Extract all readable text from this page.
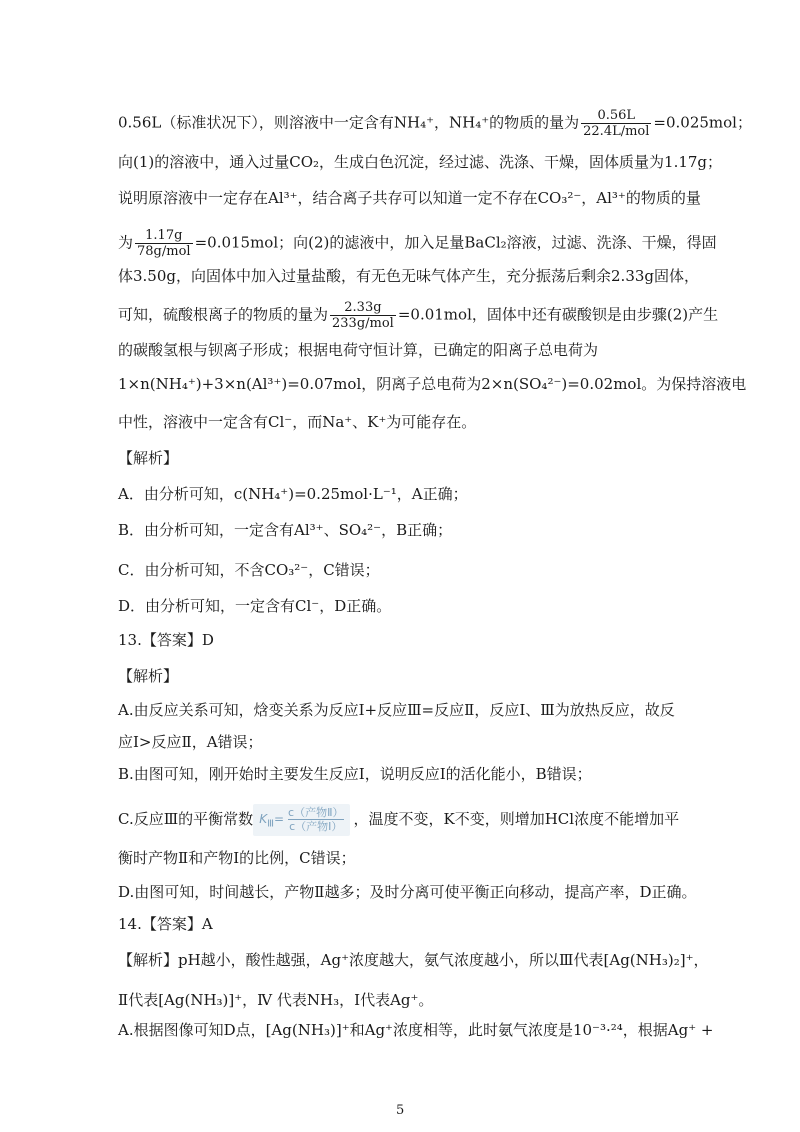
0.56L（标准状况下），则溶液中一定含有NH₄⁺，NH₄⁺的物质的量为 $\frac{0.56L}{\text{22.4L/mol}} =0.025mol$；
向(1)的溶液中，通入过量CO₂，生成白色沉淀，经过滤、洗涤、干燥，固体质量为1.17g；
说明原溶液中一定存在Al³⁺，结合离子共存可以知道一定不存在CO₃²⁻，Al³⁺的物质的量
为 $\frac{1.17g}{\text{78g/mol}} =0.015mol$；向(2)的滤液中，加入足量BaCl₂溶液，过滤、洗涤、干燥，得固
体3.50g，向固体中加入过量盐酸，有无色无味气体产生，充分振荡后剩余2.33g固体，
可知，硫酸根离子的物质的量为 $\frac{2.33g}{\text{233g/mol}} =0.01mol$，固体中还有碳酸钡是由步骤(2)产生
的碳酸氢根与钡离子形成；根据电荷守恒计算，已确定的阳离子总电荷为
1×n(NH₄⁺)+3×n(Al³⁺)=0.07mol，阴离子总电荷为2×n(SO₄²⁻)=0.02mol。为保持溶液电
中性，溶液中一定含有Cl⁻，而Na⁺、K⁺为可能存在。
【解析】
A．由分析可知，c(NH₄⁺)=0.25mol·L⁻¹，A正确；
B．由分析可知，一定含有Al³⁺、SO₄²⁻，B正确；
C．由分析可知，不含CO₃²⁻，C错误；
D．由分析可知，一定含有Cl⁻，D正确。
13.【答案】D
【解析】
A.由反应关系可知，焓变关系为反应Ⅰ+反应Ⅲ=反应Ⅱ，反应Ⅰ、Ⅲ为放热反应，故反
应Ⅰ>反应Ⅱ，A错误；
B.由图可知，刚开始时主要发生反应Ⅰ，说明反应Ⅰ的活化能小，B错误；
C.反应Ⅲ的平衡常数 $K_Ⅲ= c$（产物Ⅱ）
c（产物Ⅰ） ，温度不变，K不变，则增加HCl浓度不能增加平
衡时产物Ⅱ和产物Ⅰ的比例，C错误；
D.由图可知，时间越长，产物Ⅱ越多；及时分离可使平衡正向移动，提高产率，D正确。
14.【答案】A
【解析】pH越小，酸性越强，Ag⁺浓度越大，氨气浓度越小，所以Ⅲ代表[Ag(NH₃)₂]⁺，
Ⅱ代表[Ag(NH₃)]⁺，Ⅳ 代表NH₃，Ⅰ代表Ag⁺。
A.根据图像可知D点，[Ag(NH₃)]⁺和Ag⁺浓度相等，此时氨气浓度是10⁻³·²⁴，根据Ag⁺ +
5
